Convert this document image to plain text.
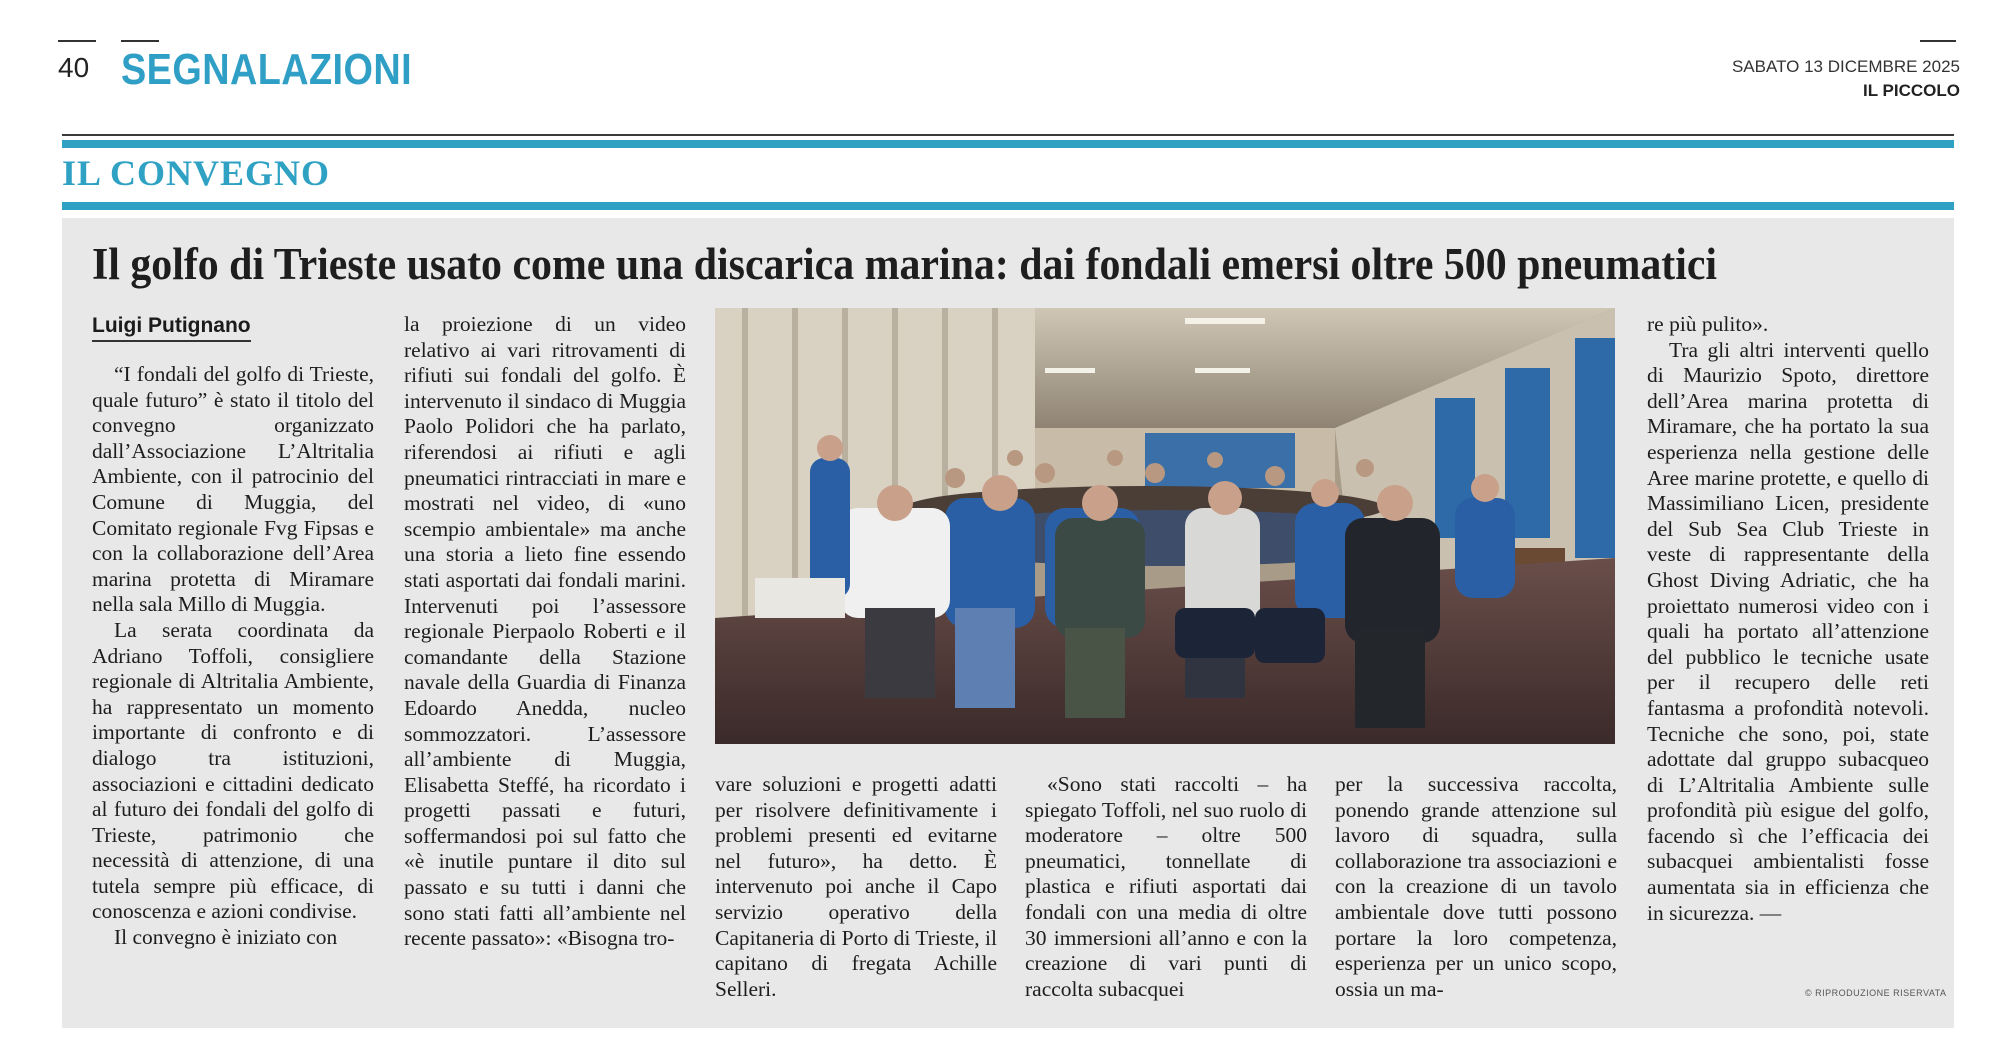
40 SEGNALAZIONI	SABATO 13 DICEMBRE 2025
IL PICCOLO
IL CONVEGNO
Il golfo di Trieste usato come una discarica marina: dai fondali emersi oltre 500 pneumatici
Luigi Putignano

“I fondali del golfo di Trieste, quale futuro” è stato il titolo del convegno organizzato dall’Associazione L’Altritalia Ambiente, con il patrocinio del Comune di Muggia, del Comitato regionale Fvg Fipsas e con la collaborazione dell’Area marina protetta di Miramare nella sala Millo di Muggia.

La serata coordinata da Adriano Toffoli, consigliere regionale di Altritalia Ambiente, ha rappresentato un momento importante di confronto e di dialogo tra istituzioni, associazioni e cittadini dedicato al futuro dei fondali del golfo di Trieste, patrimonio che necessità di attenzione, di una tutela sempre più efficace, di conoscenza e azioni condivise.

Il convegno è iniziato con

la proiezione di un video relativo ai vari ritrovamenti di rifiuti sui fondali del golfo. È intervenuto il sindaco di Muggia Paolo Polidori che ha parlato, riferendosi ai rifiuti e agli pneumatici rintracciati in mare e mostrati nel video, di «uno scempio ambientale» ma anche una storia a lieto fine essendo stati asportati dai fondali marini. Intervenuti poi l’assessore regionale Pierpaolo Roberti e il comandante della Stazione navale della Guardia di Finanza Edoardo Anedda, nucleo sommozzatori. L’assessore all’ambiente di Muggia, Elisabetta Steffé, ha ricordato i progetti passati e futuri, soffermandosi poi sul fatto che «è inutile puntare il dito sul passato e su tutti i danni che sono stati fatti all’ambiente nel recente passato»: «Bisogna tro-

vare soluzioni e progetti adatti per risolvere definitivamente i problemi presenti ed evitarne nel futuro», ha detto. È intervenuto poi anche il Capo servizio operativo della Capitaneria di Porto di Trieste, il capitano di fregata Achille Selleri.

«Sono stati raccolti – ha spiegato Toffoli, nel suo ruolo di moderatore – oltre 500 pneumatici, tonnellate di plastica e rifiuti asportati dai fondali con una media di oltre 30 immersioni all’anno e con la creazione di vari punti di raccolta subacquei

per la successiva raccolta, ponendo grande attenzione sul lavoro di squadra, sulla collaborazione tra associazioni e con la creazione di un tavolo ambientale dove tutti possono portare la loro competenza, esperienza per un unico scopo, ossia un ma-

re più pulito».

Tra gli altri interventi quello di Maurizio Spoto, direttore dell’Area marina protetta di Miramare, che ha portato la sua esperienza nella gestione delle Aree marine protette, e quello di Massimiliano Licen, presidente del Sub Sea Club Trieste in veste di rappresentante della Ghost Diving Adriatic, che ha proiettato numerosi video con i quali ha portato all’attenzione del pubblico le tecniche usate per il recupero delle reti fantasma a profondità notevoli. Tecniche che sono, poi, state adottate dal gruppo subacqueo di L’Altritalia Ambiente sulle profondità più esigue del golfo, facendo sì che l’efficacia dei subacquei ambientalisti fosse aumentata sia in efficienza che in sicurezza. —

© RIPRODUZIONE RISERVATA
